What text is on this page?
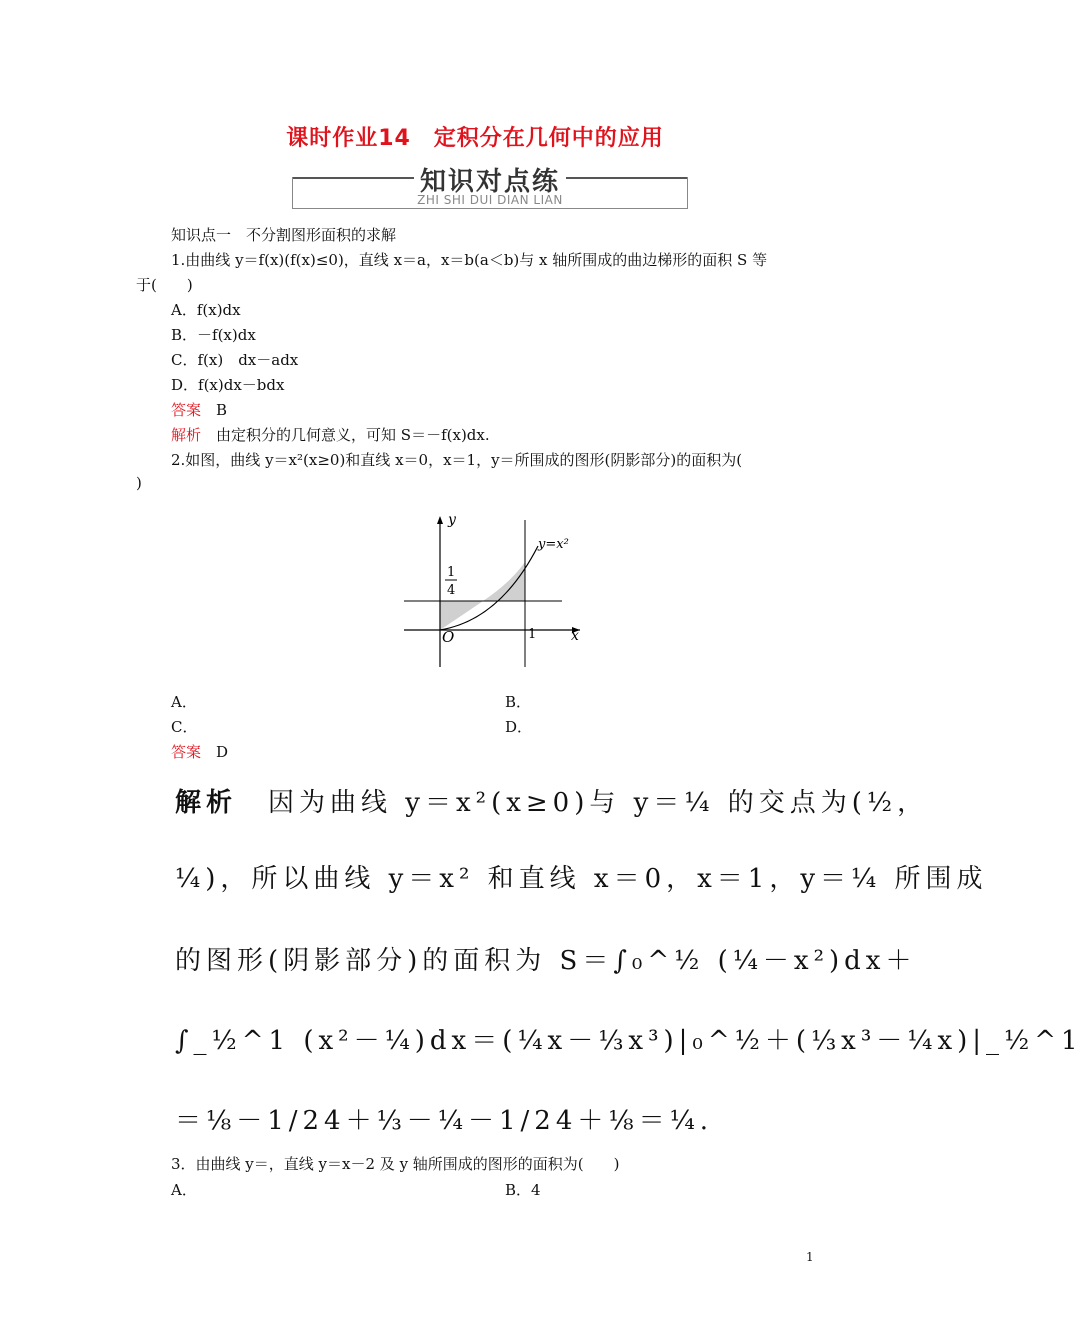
课时作业14　定积分在几何中的应用
知识对点练
ZHI SHI DUI DIAN LIAN
知识点一　不分割图形面积的求解
1.由曲线 y＝f(x)(f(x)≤0)，直线 x＝a，x＝b(a＜b)与 x 轴所围成的曲边梯形的面积 S 等
于(　　)
A．f(x)dx
B．－f(x)dx
C．f(x)　dx－adx
D．f(x)dx－bdx
答案　 B
解析　 由定积分的几何意义，可知 S＝－f(x)dx.
2.如图，曲线 y＝x²(x≥0)和直线 x＝0，x＝1，y＝所围成的图形(阴影部分)的面积为(
)
y
x
O	1
1
4
y=x²
A．	B．
C．	D．
答案　 D
解析　 因为曲线 y＝x²(x≥0)与 y＝¼ 的交点为(½，
¼)，所以曲线 y＝x² 和直线 x＝0，x＝1，y＝¼ 所围成
的图形(阴影部分)的面积为 S＝∫₀^½ (¼－x²)dx＋
∫_½^1 (x²－¼)dx＝(¼x－⅓x³)|₀^½＋(⅓x³－¼x)|_½^1
＝⅛－1/24＋⅓－¼－1/24＋⅛＝¼.
3．由曲线 y＝，直线 y＝x－2 及 y 轴所围成的图形的面积为(　　)
A．	B．4
1
